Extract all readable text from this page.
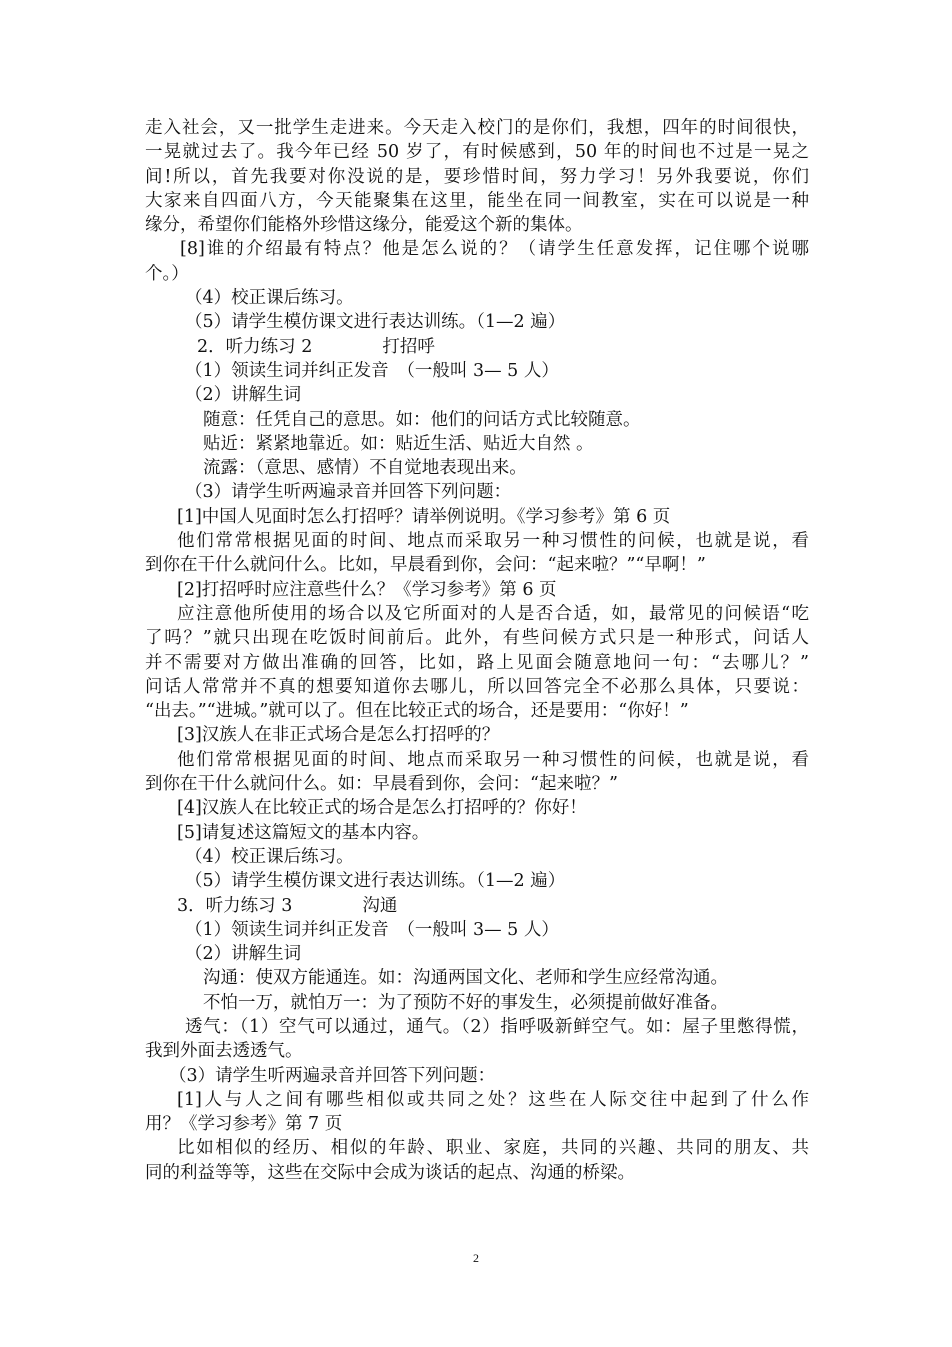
走入社会，又一批学生走进来。今天走入校门的是你们，我想，四年的时间很快，
一晃就过去了。我今年已经 50 岁了，有时候感到，50 年的时间也不过是一晃之
间!所以，首先我要对你没说的是，要珍惜时间，努力学习！另外我要说，你们
大家来自四面八方，今天能聚集在这里，能坐在同一间教室，实在可以说是一种
缘分，希望你们能格外珍惜这缘分，能爱这个新的集体。
[8]谁的介绍最有特点？他是怎么说的？（请学生任意发挥，记住哪个说哪
个。）
（4）校正课后练习。
（5）请学生模仿课文进行表达训练。（1—2 遍）
2．听力练习 2　　　　打招呼
（1）领读生词并纠正发音　（一般叫 3— 5 人）
（2）讲解生词
随意：任凭自己的意思。如：他们的问话方式比较随意。
贴近：紧紧地靠近。如：贴近生活、贴近大自然 。
流露：（意思、感情）不自觉地表现出来。
（3）请学生听两遍录音并回答下列问题：
[1]中国人见面时怎么打招呼？请举例说明。《学习参考》第 6 页
他们常常根据见面的时间、地点而采取另一种习惯性的问候，也就是说，看
到你在干什么就问什么。比如，早晨看到你，会问：“起来啦？”“早啊！”
[2]打招呼时应注意些什么？《学习参考》第 6 页
应注意他所使用的场合以及它所面对的人是否合适，如，最常见的问候语“吃
了吗？”就只出现在吃饭时间前后。此外，有些问候方式只是一种形式，问话人
并不需要对方做出准确的回答，比如，路上见面会随意地问一句：“去哪儿？”
问话人常常并不真的想要知道你去哪儿，所以回答完全不必那么具体，只要说：
“出去。”“进城。”就可以了。但在比较正式的场合，还是要用：“你好！”
[3]汉族人在非正式场合是怎么打招呼的？
他们常常根据见面的时间、地点而采取另一种习惯性的问候，也就是说，看
到你在干什么就问什么。如：早晨看到你，会问：“起来啦？”
[4]汉族人在比较正式的场合是怎么打招呼的？你好！
[5]请复述这篇短文的基本内容。
（4）校正课后练习。
（5）请学生模仿课文进行表达训练。（1—2 遍）
3．听力练习 3　　　　沟通
（1）领读生词并纠正发音　（一般叫 3— 5 人）
（2）讲解生词
沟通：使双方能通连。如：沟通两国文化、老师和学生应经常沟通。
不怕一万，就怕万一：为了预防不好的事发生，必须提前做好准备。
透气：（1）空气可以通过，通气。（2）指呼吸新鲜空气。如：屋子里憋得慌，
我到外面去透透气。
（3）请学生听两遍录音并回答下列问题：
[1]人与人之间有哪些相似或共同之处？这些在人际交往中起到了什么作
用？《学习参考》第 7 页
比如相似的经历、相似的年龄、职业、家庭，共同的兴趣、共同的朋友、共
同的利益等等，这些在交际中会成为谈话的起点、沟通的桥梁。
2
